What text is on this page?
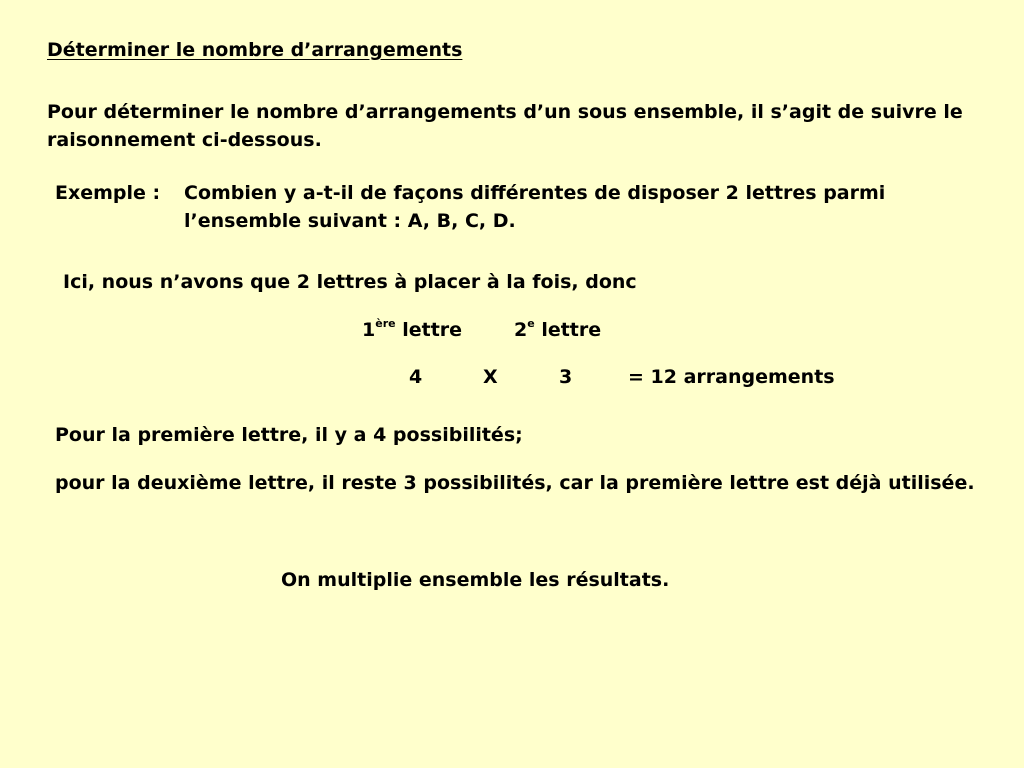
Déterminer le nombre d’arrangements

Pour déterminer le nombre d’arrangements d’un sous ensemble, il s’agit de suivre le raisonnement ci-dessous.

Exemple : Combien y a-t-il de façons différentes de disposer 2 lettres parmi l’ensemble suivant : A, B, C, D.

Ici, nous n’avons que 2 lettres à placer à la fois, donc

1ère lettre	2e lettre

4	X	3	= 12 arrangements

Pour la première lettre, il y a 4 possibilités;

pour la deuxième lettre, il reste 3 possibilités, car la première lettre est déjà utilisée.

On multiplie ensemble les résultats.
